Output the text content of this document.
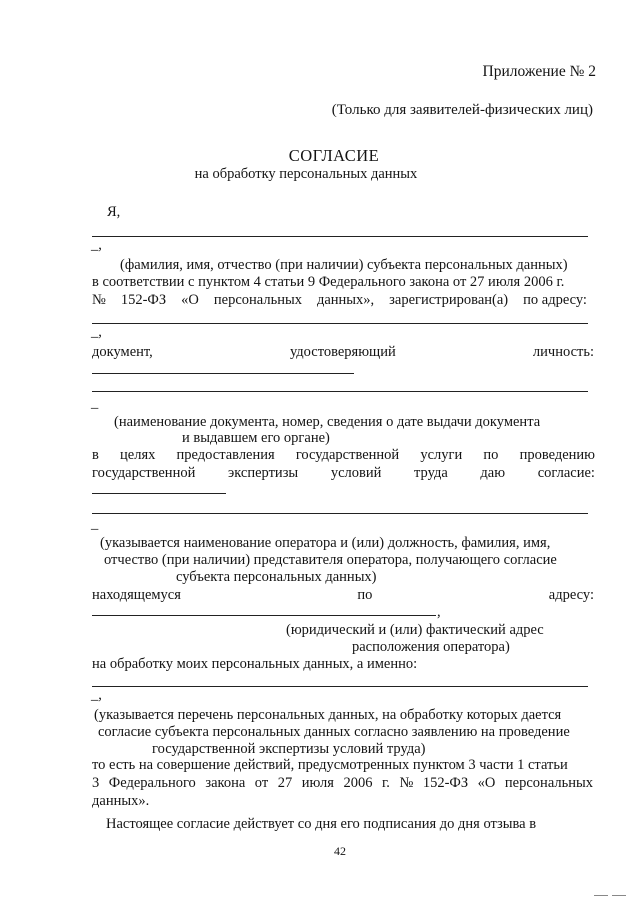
Приложение № 2
(Только для заявителей-физических лиц)
СОГЛАСИЕ
на обработку персональных данных
Я,
_,
(фамилия, имя, отчество (при наличии) субъекта персональных данных)
в соответствии с пунктом 4 статьи 9 Федерального закона от 27 июля 2006 г.
№ 152-ФЗ «О персональных данных», зарегистрирован(а) по адресу:
_,
документ,	удостоверяющий	личность:
_
(наименование документа, номер, сведения о дате выдачи документа
и выдавшем его органе)
в целях предоставления государственной услуги по проведению
государственной экспертизы условий труда даю согласие:
_
(указывается наименование оператора и (или) должность, фамилия, имя,
отчество (при наличии) представителя оператора, получающего согласие
субъекта персональных данных)
находящемуся	по	адресу:
,
(юридический и (или) фактический адрес
расположения оператора)
на обработку моих персональных данных, а именно:
_,
(указывается перечень персональных данных, на обработку которых дается
согласие субъекта персональных данных согласно заявлению на проведение
государственной экспертизы условий труда)
то есть на совершение действий, предусмотренных пунктом 3 части 1 статьи
3 Федерального закона от 27 июля 2006 г. № 152-ФЗ «О персональных
данных».
Настоящее согласие действует со дня его подписания до дня отзыва в
42
